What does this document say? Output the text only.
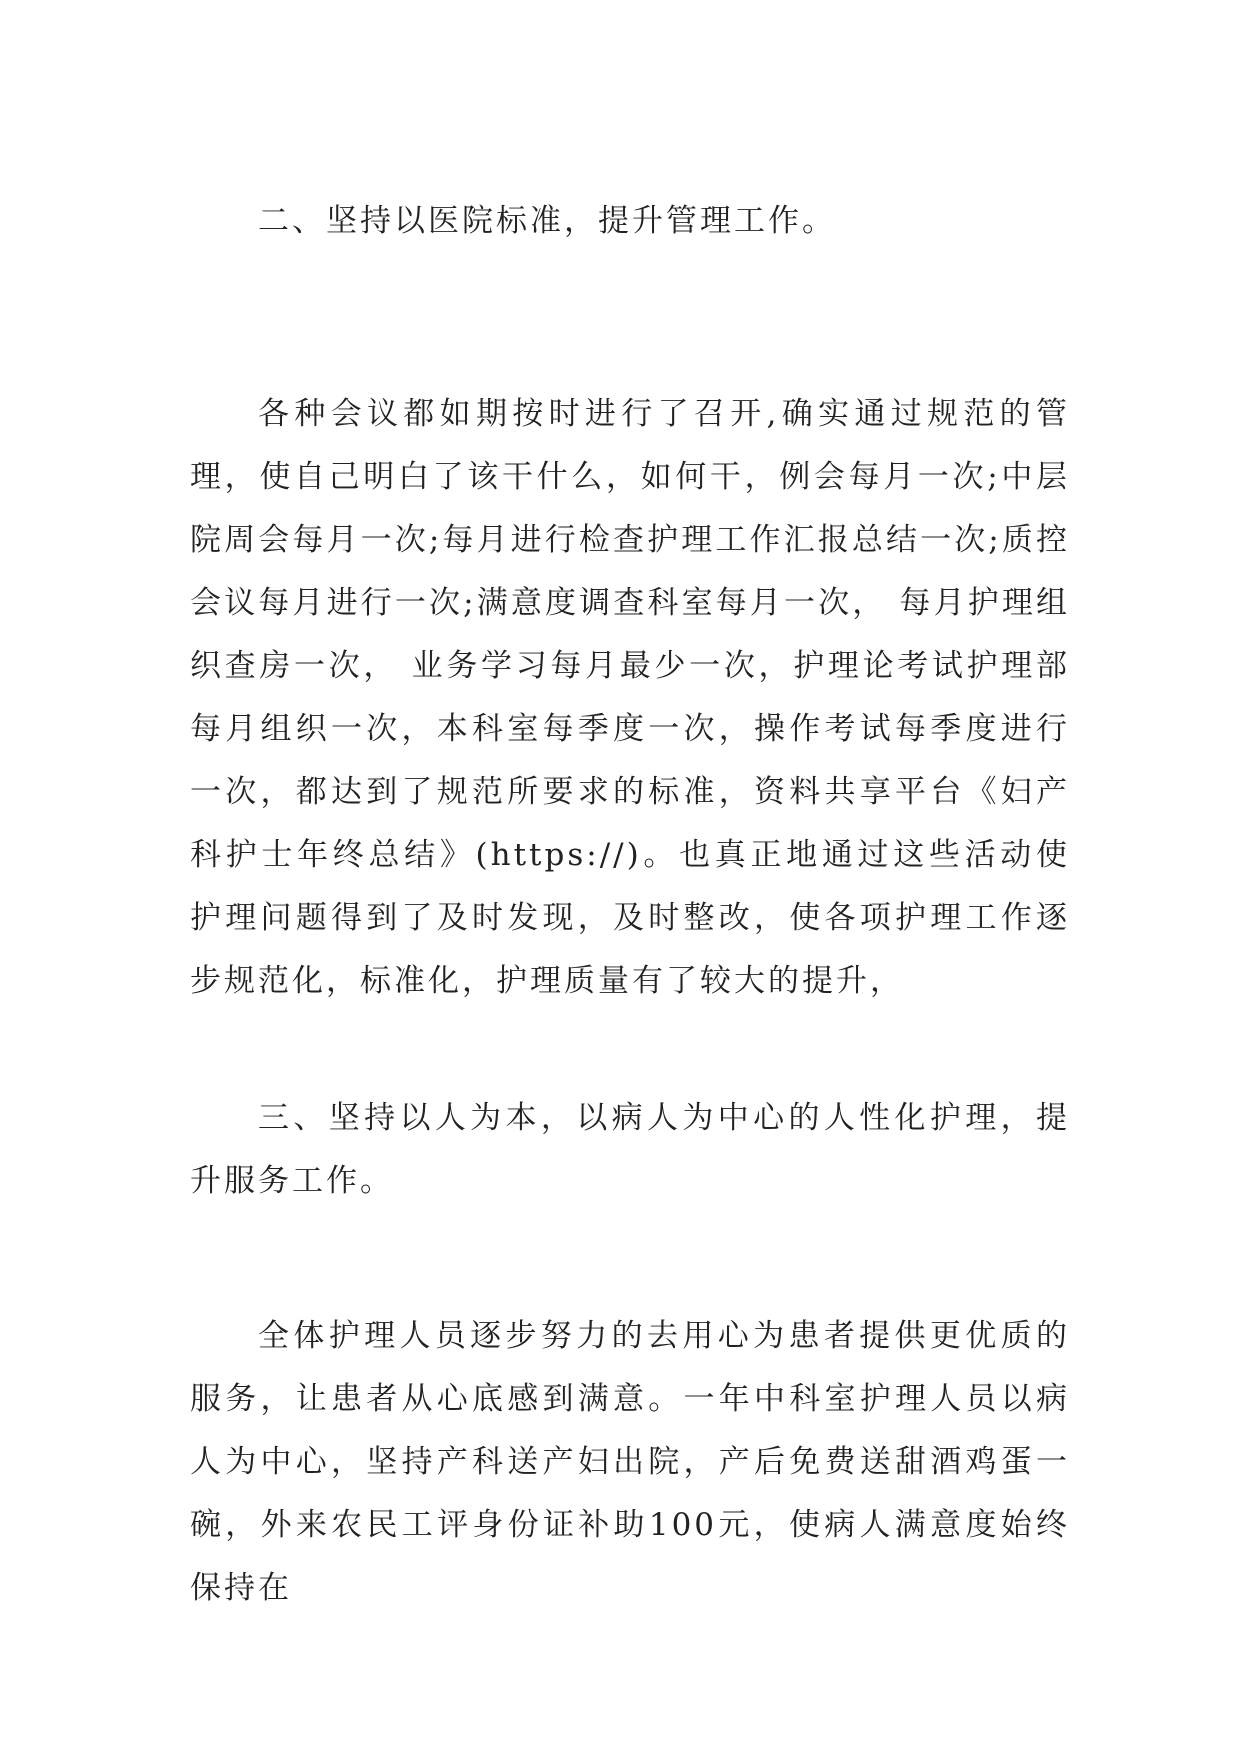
二、坚持以医院标准，提升管理工作。
各种会议都如期按时进行了召开,确实通过规范的管理，使自己明白了该干什么，如何干，例会每月一次;中层院周会每月一次;每月进行检查护理工作汇报总结一次;质控会议每月进行一次;满意度调查科室每月一次， 每月护理组织查房一次， 业务学习每月最少一次，护理论考试护理部每月组织一次，本科室每季度一次，操作考试每季度进行一次，都达到了规范所要求的标准，资料共享平台《妇产科护士年终总结》(https://)。也真正地通过这些活动使护理问题得到了及时发现，及时整改，使各项护理工作逐步规范化，标准化，护理质量有了较大的提升，
三、坚持以人为本，以病人为中心的人性化护理，提升服务工作。
全体护理人员逐步努力的去用心为患者提供更优质的服务，让患者从心底感到满意。一年中科室护理人员以病人为中心，坚持产科送产妇出院，产后免费送甜酒鸡蛋一碗，外来农民工评身份证补助100元，使病人满意度始终保持在
